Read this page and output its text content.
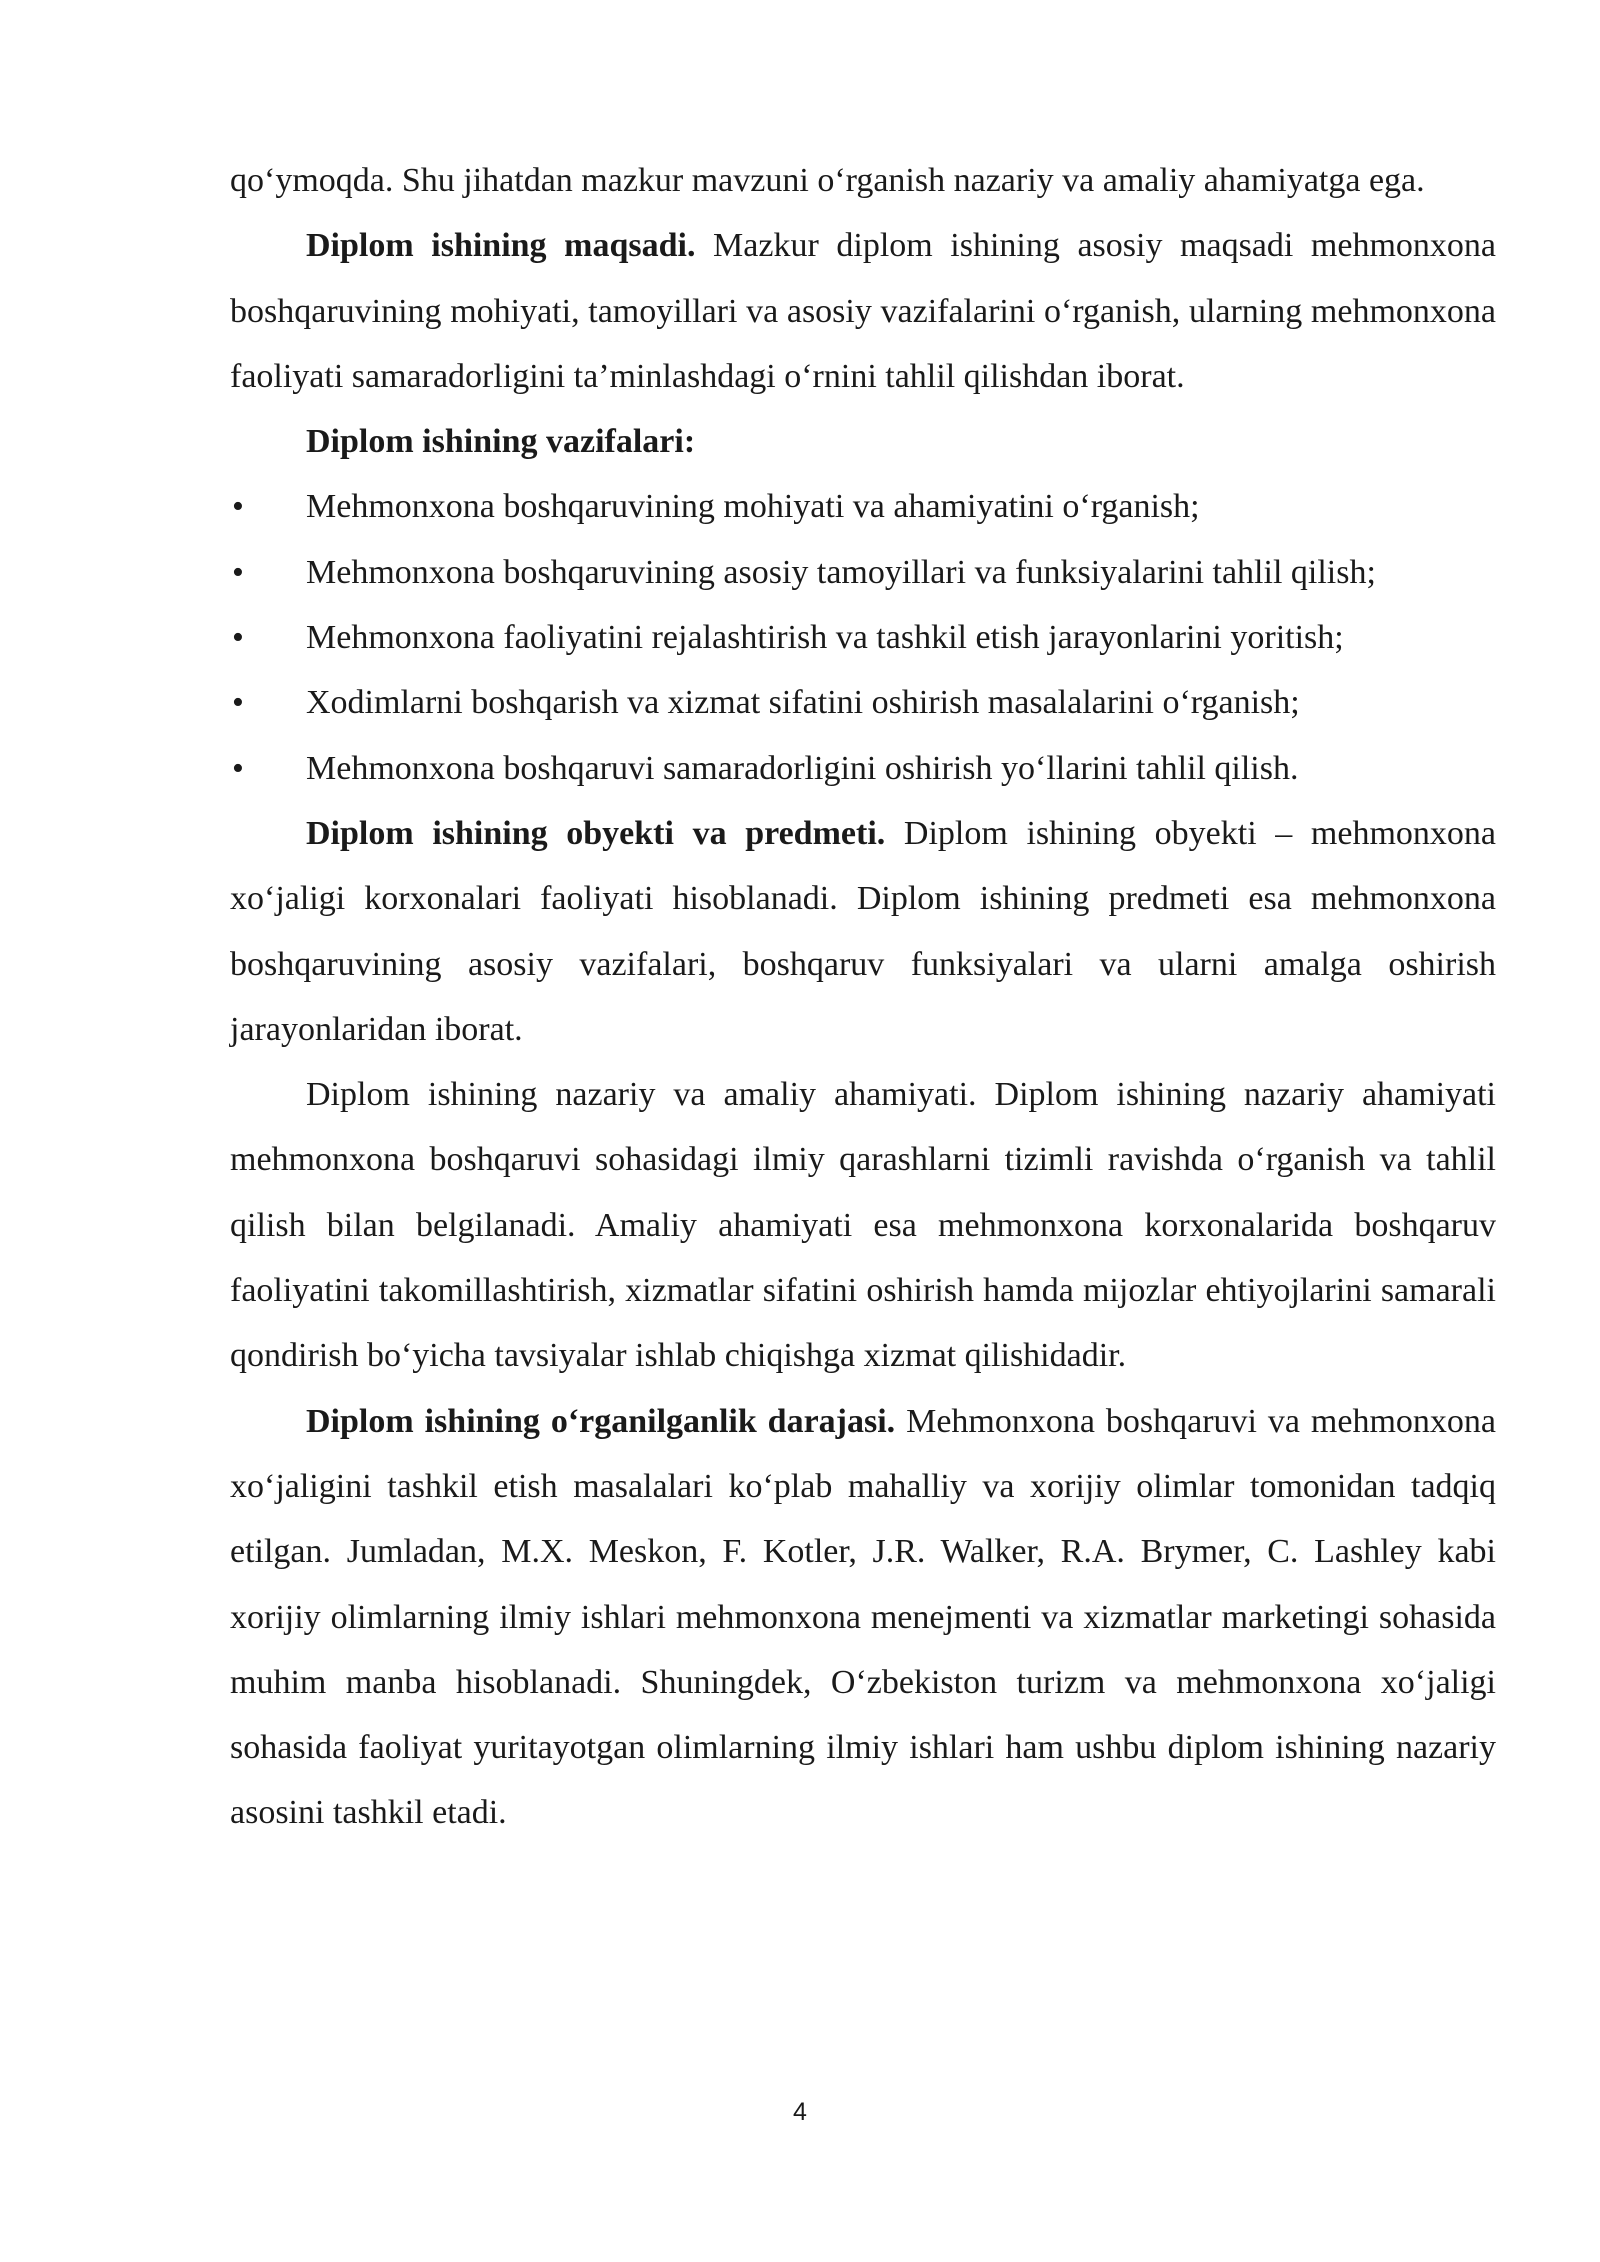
qo‘ymoqda. Shu jihatdan mazkur mavzuni o‘rganish nazariy va amaliy ahamiyatga ega.

Diplom ishining maqsadi. Mazkur diplom ishining asosiy maqsadi mehmonxona boshqaruvining mohiyati, tamoyillari va asosiy vazifalarini o‘rganish, ularning mehmonxona faoliyati samaradorligini ta’minlashdagi o‘rnini tahlil qilishdan iborat.

Diplom ishining vazifalari:

• Mehmonxona boshqaruvining mohiyati va ahamiyatini o‘rganish;
• Mehmonxona boshqaruvining asosiy tamoyillari va funksiyalarini tahlil qilish;
• Mehmonxona faoliyatini rejalashtirish va tashkil etish jarayonlarini yoritish;
• Xodimlarni boshqarish va xizmat sifatini oshirish masalalarini o‘rganish;
• Mehmonxona boshqaruvi samaradorligini oshirish yo‘llarini tahlil qilish.

Diplom ishining obyekti va predmeti. Diplom ishining obyekti – mehmonxona xo‘jaligi korxonalari faoliyati hisoblanadi. Diplom ishining predmeti esa mehmonxona boshqaruvining asosiy vazifalari, boshqaruv funksiyalari va ularni amalga oshirish jarayonlaridan iborat.

Diplom ishining nazariy va amaliy ahamiyati. Diplom ishining nazariy ahamiyati mehmonxona boshqaruvi sohasidagi ilmiy qarashlarni tizimli ravishda o‘rganish va tahlil qilish bilan belgilanadi. Amaliy ahamiyati esa mehmonxona korxonalarida boshqaruv faoliyatini takomillashtirish, xizmatlar sifatini oshirish hamda mijozlar ehtiyojlarini samarali qondirish bo‘yicha tavsiyalar ishlab chiqishga xizmat qilishidadir.

Diplom ishining o‘rganilganlik darajasi. Mehmonxona boshqaruvi va mehmonxona xo‘jaligini tashkil etish masalalari ko‘plab mahalliy va xorijiy olimlar tomonidan tadqiq etilgan. Jumladan, M.X. Meskon, F. Kotler, J.R. Walker, R.A. Brymer, C. Lashley kabi xorijiy olimlarning ilmiy ishlari mehmonxona menejmenti va xizmatlar marketingi sohasida muhim manba hisoblanadi. Shuningdek, O‘zbekiston turizm va mehmonxona xo‘jaligi sohasida faoliyat yuritayotgan olimlarning ilmiy ishlari ham ushbu diplom ishining nazariy asosini tashkil etadi.

4
